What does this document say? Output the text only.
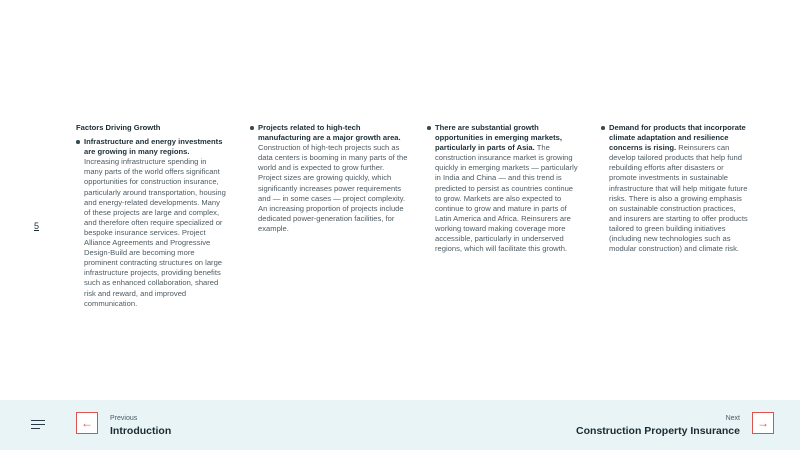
5
Factors Driving Growth
Infrastructure and energy investments are growing in many regions. Increasing infrastructure spending in many parts of the world offers significant opportunities for construction insurance, particularly around transportation, housing and energy-related developments. Many of these projects are large and complex, and therefore often require specialized or bespoke insurance services. Project Alliance Agreements and Progressive Design-Build are becoming more prominent contracting structures on large infrastructure projects, providing benefits such as enhanced collaboration, shared risk and reward, and improved communication.
Projects related to high-tech manufacturing are a major growth area. Construction of high-tech projects such as data centers is booming in many parts of the world and is expected to grow further. Project sizes are growing quickly, which significantly increases power requirements and — in some cases — project complexity. An increasing proportion of projects include dedicated power-generation facilities, for example.
There are substantial growth opportunities in emerging markets, particularly in parts of Asia. The construction insurance market is growing quickly in emerging markets — particularly in India and China — and this trend is predicted to persist as countries continue to grow. Markets are also expected to continue to grow and mature in parts of Latin America and Africa. Reinsurers are working toward making coverage more accessible, particularly in underserved regions, which will facilitate this growth.
Demand for products that incorporate climate adaptation and resilience concerns is rising. Reinsurers can develop tailored products that help fund rebuilding efforts after disasters or promote investments in sustainable infrastructure that will help mitigate future risks. There is also a growing emphasis on sustainable construction practices, and insurers are starting to offer products tailored to green building initiatives (including new technologies such as modular construction) and climate risk.
←	Previous
Introduction
Next
Construction Property Insurance
→
